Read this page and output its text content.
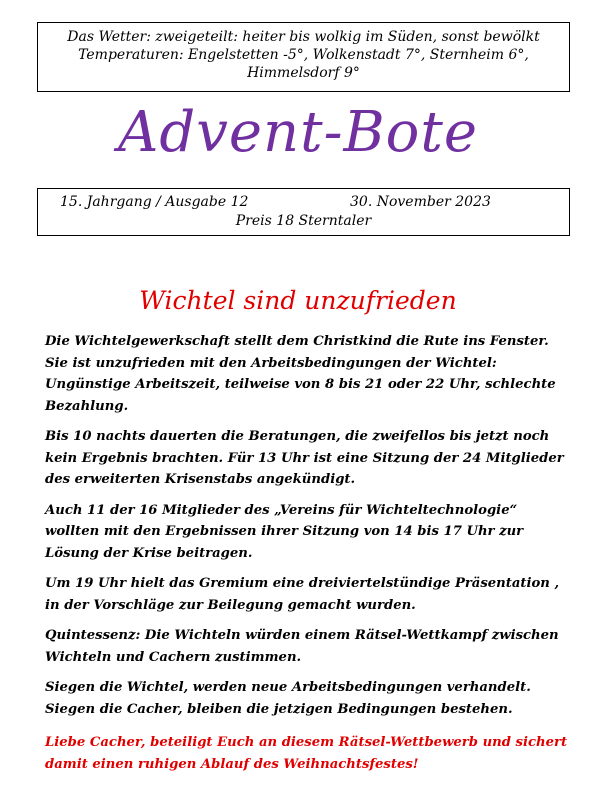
Das Wetter: zweigeteilt: heiter bis wolkig im Süden, sonst bewölkt
Temperaturen: Engelstetten -5°, Wolkenstadt 7°, Sternheim 6°,
Himmelsdorf 9°
Advent-Bote
15. Jahrgang / Ausgabe 12	30. November 2023
Preis 18 Sterntaler
Wichtel sind unzufrieden

Die Wichtelgewerkschaft stellt dem Christkind die Rute ins Fenster. Sie ist unzufrieden mit den Arbeitsbedingungen der Wichtel: Ungünstige Arbeitszeit, teilweise von 8 bis 21 oder 22 Uhr, schlechte Bezahlung.

Bis 10 nachts dauerten die Beratungen, die zweifellos bis jetzt noch kein Ergebnis brachten. Für 13 Uhr ist eine Sitzung der 24 Mitglieder des erweiterten Krisenstabs angekündigt.

Auch 11 der 16 Mitglieder des „Vereins für Wichteltechnologie“ wollten mit den Ergebnissen ihrer Sitzung von 14 bis 17 Uhr zur Lösung der Krise beitragen.

Um 19 Uhr hielt das Gremium eine dreiviertelstündige Präsentation , in der Vorschläge zur Beilegung gemacht wurden.

Quintessenz: Die Wichteln würden einem Rätsel-Wettkampf zwischen Wichteln und Cachern zustimmen.

Siegen die Wichtel, werden neue Arbeitsbedingungen verhandelt. Siegen die Cacher, bleiben die jetzigen Bedingungen bestehen.

Liebe Cacher, beteiligt Euch an diesem Rätsel-Wettbewerb und sichert damit einen ruhigen Ablauf des Weihnachtsfestes!
